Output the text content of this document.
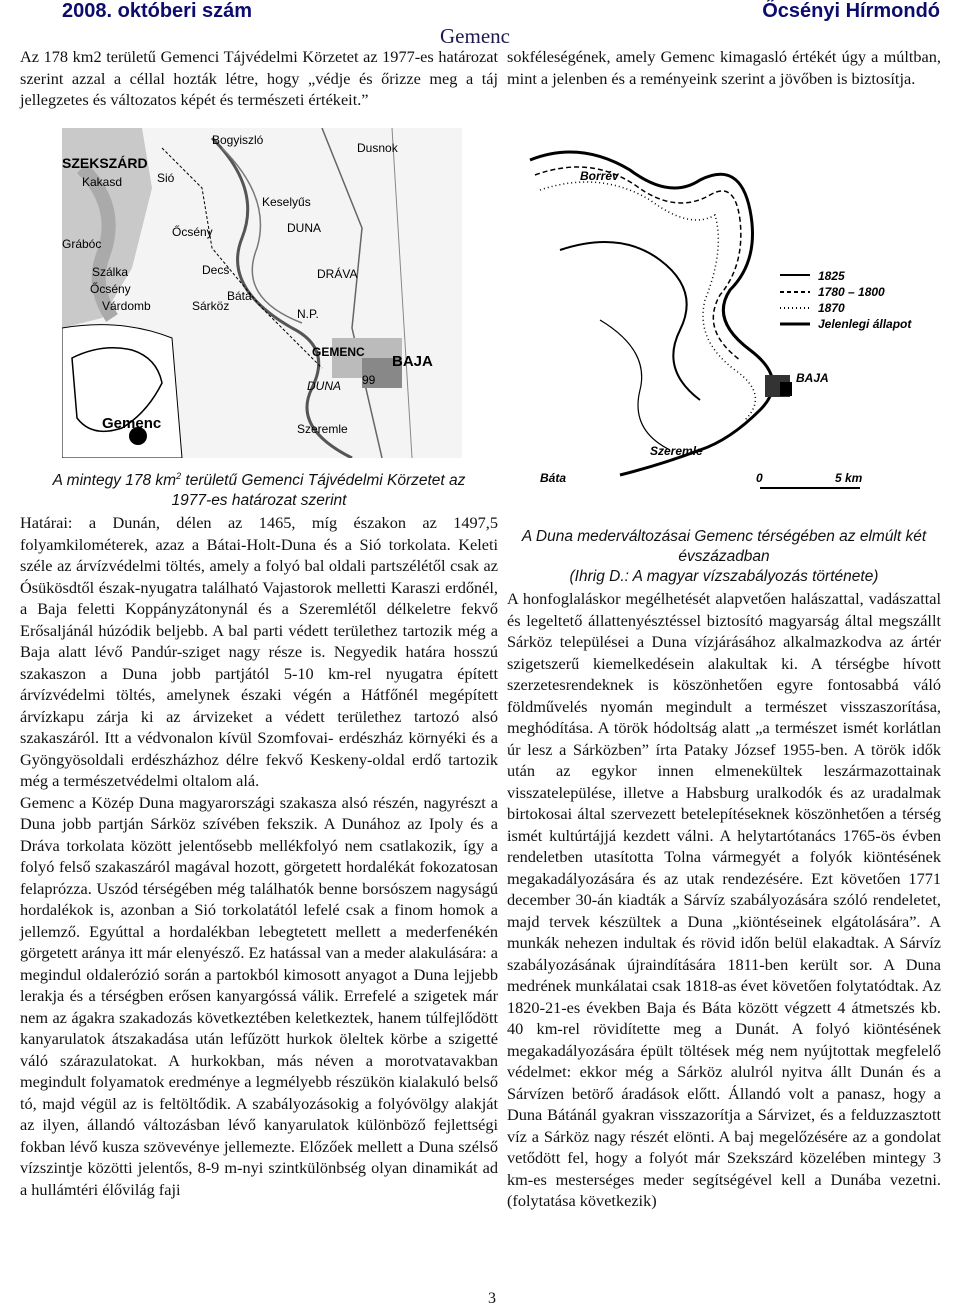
2008. októberi szám	Őcsényi Hírmondó
Gemenc
Az 178 km2 területű Gemenci Tájvédelmi Körzetet az 1977-es határozat szerint azzal a céllal hozták létre, hogy „védje és őrizze meg a táj jellegzetes és változatos képét és természeti értékeit.”
sokféleségének, amely Gemenc kimagasló értékét úgy a múltban, mint a jelenben és a reményeink szerint a jövőben is biztosítja.
SZEKSZÁRD
Bogyiszló
Dusnok
Kakasd	Sió
Keselyűs
Őcsény
Decs
DUNA
Báta
Szálka
Őcsény
Sárköz
DRÁVA
N.P.
GEMENC
BAJA
DUNA
Szeremle
Gemenc
Várdomb
Grábóc
99
A mintegy 178 $km^2$ területű Gemenci Tájvédelmi Körzetet az
1977-es határozat szerint
Borrév
1825
1780 – 1800
1870
Jelenlegi állapot
BAJA
Szeremle
Báta	0	5 km
A Duna mederváltozásai Gemenc térségében az elmúlt két
évszázadban
(Ihrig D.: A magyar vízszabályozás története)
Határai: a Dunán, délen az 1465, míg északon az 1497,5 folyamkilométerek, azaz a Bátai-Holt-Duna és a Sió torkolata. Keleti széle az árvízvédelmi töltés, amely a folyó bal oldali partszélétől csak az Ósükösdtől észak-nyugatra található Vajastorok melletti Karaszi erdőnél, a Baja feletti Koppányzátonynál és a Szeremlétől délkeletre fekvő Erősaljánál húzódik beljebb. A bal parti védett területhez tartozik még a Baja alatt lévő Pandúr-sziget nagy része is. Negyedik határa hosszú szakaszon a Duna jobb partjától 5-10 km-rel nyugatra épített árvízvédelmi töltés, amelynek északi végén a Hátfőnél megépített árvízkapu zárja ki az árvizeket a védett területhez tartozó alsó szakaszáról. Itt a védvonalon kívül Szomfovai- erdészház környéki és a Gyöngyösoldali erdészházhoz délre fekvő Keskeny-oldal erdő tartozik még a természetvédelmi oltalom alá.
Gemenc a Közép Duna magyarországi szakasza alsó részén, nagyrészt a Duna jobb partján Sárköz szívében fekszik. A Dunához az Ipoly és a Dráva torkolata között jelentősebb mellékfolyó nem csatlakozik, így a folyó felső szakaszáról magával hozott, görgetett hordalékát fokozatosan felaprózza. Uszód térségében még találhatók benne borsószem nagyságú hordalékok is, azonban a Sió torkolatától lefelé csak a finom homok a jellemző. Egyúttal a hordalékban lebegtetett mellett a mederfenékén görgetett aránya itt már elenyésző. Ez hatással van a meder alakulására: a megindul oldalerózió során a partokból kimosott anyagot a Duna lejjebb lerakja és a térségben erősen kanyargóssá válik. Errefelé a szigetek már nem az ágakra szakadozás következtében keletkeztek, hanem túlfejlődött kanyarulatok átszakadása után lefűzött hurkok öleltek körbe a szigetté váló szárazulatokat. A hurkokban, más néven a morotvatavakban megindult folyamatok eredménye a legmélyebb részükön kialakuló belső tó, majd végül az is feltöltődik. A szabályozásokig a folyóvölgy alakját az ilyen, állandó változásban lévő kanyarulatok különböző fejlettségi fokban lévő kusza szövevénye jellemezte. Előzőek mellett a Duna szélső vízszintje közötti jelentős, 8-9 m-nyi szintkülönbség olyan dinamikát ad a hullámtéri élővilág faji
A honfoglaláskor megélhetését alapvetően halászattal, vadászattal és legeltető állattenyésztéssel biztosító magyarság által megszállt Sárköz települései a Duna vízjárásához alkalmazkodva az ártér szigetszerű kiemelkedésein alakultak ki. A térségbe hívott szerzetesrendeknek is köszönhetően egyre fontosabbá váló földművelés nyomán megindult a természet visszaszorítása, meghódítása. A török hódoltság alatt „a természet ismét korlátlan úr lesz a Sárközben” írta Pataky József 1955-ben. A török idők után az egykor innen elmenekültek leszármazottainak visszatelepülése, illetve a Habsburg uralkodók és az uradalmak birtokosai által szervezett betelepítéseknek köszönhetően a térség ismét kultúrtájjá kezdett válni. A helytartótanács 1765-ös évben rendeletben utasította Tolna vármegyét a folyók kiöntésének megakadályozására és az utak rendezésére. Ezt követően 1771 december 30-án kiadták a Sárvíz szabályozására szóló rendeletet, majd tervek készültek a Duna „kiöntéseinek elgátolására”. A munkák nehezen indultak és rövid időn belül elakadtak. A Sárvíz szabályozásának újraindítására 1811-ben került sor. A Duna medrének munkálatai csak 1818-as évet követően folytatódtak. Az 1820-21-es években Baja és Báta között végzett 4 átmetszés kb. 40 km-rel rövidítette meg a Dunát. A folyó kiöntésének megakadályozására épült töltések még nem nyújtottak megfelelő védelmet: ekkor még a Sárköz alulról nyitva állt Dunán és a Sárvízen betörő áradások előtt. Állandó volt a panasz, hogy a Duna Bátánál gyakran visszazorítja a Sárvizet, és a felduzzasztott víz a Sárköz nagy részét elönti. A baj megelőzésére az a gondolat vetődött fel, hogy a folyót már Szekszárd közelében mintegy 3 km-es mesterséges meder segítségével kell a Dunába vezetni. (folytatása következik)
3
